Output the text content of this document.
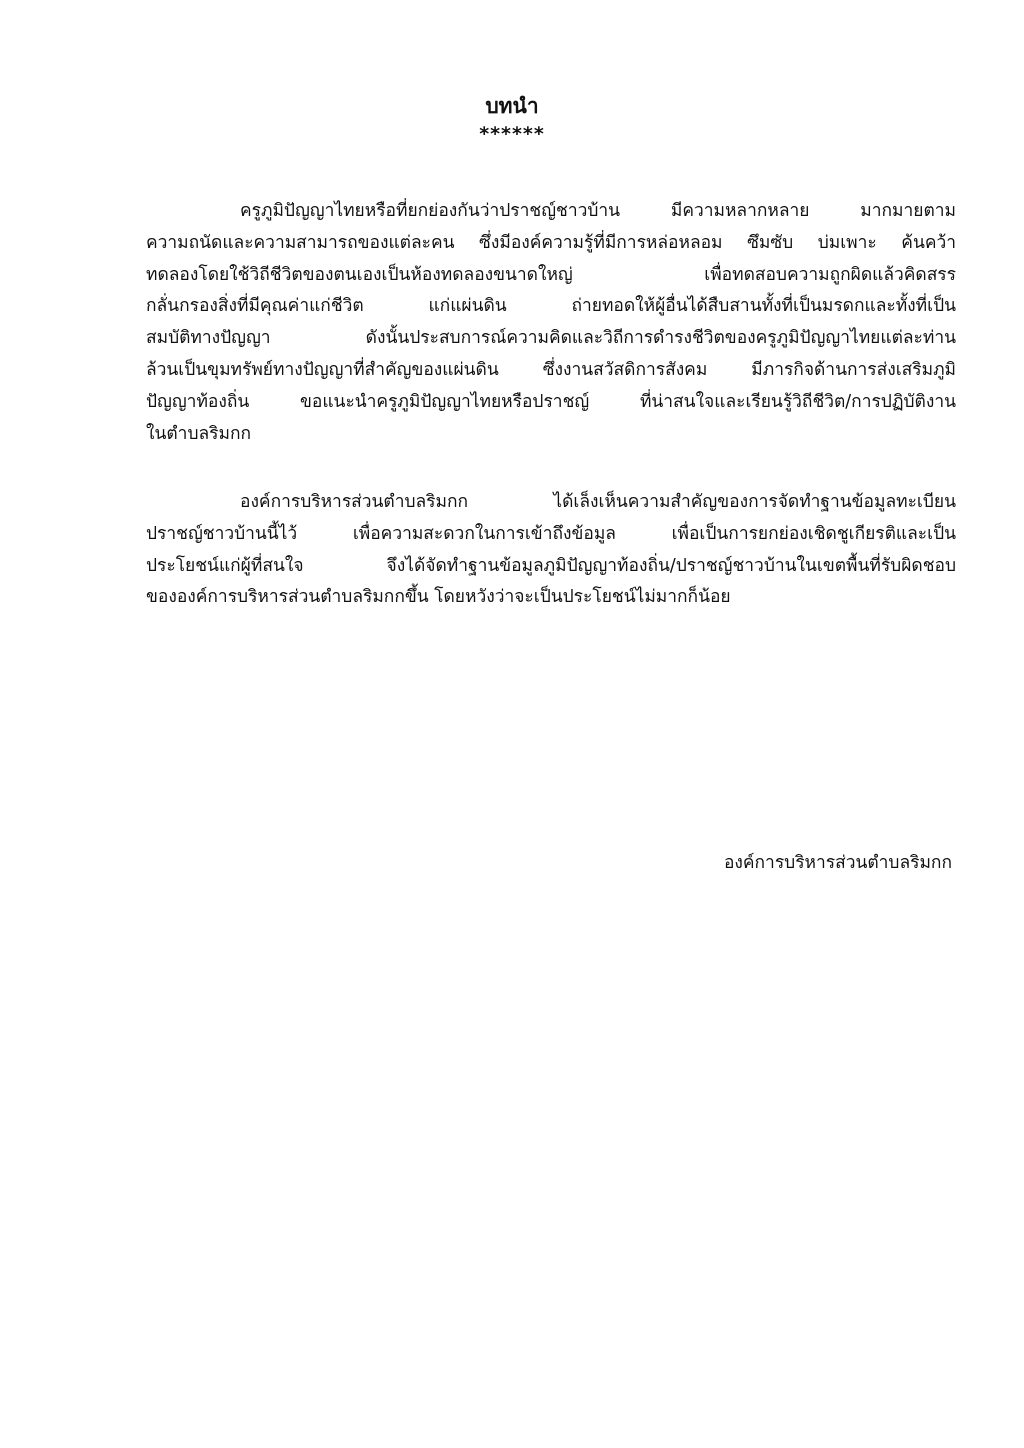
บทนำ
******
ครูภูมิปัญญาไทยหรือที่ยกย่องกันว่าปราชญ์ชาวบ้าน มีความหลากหลาย มากมายตาม
ความถนัดและความสามารถของแต่ละคน ซึ่งมีองค์ความรู้ที่มีการหล่อหลอม ซึมซับ บ่มเพาะ ค้นคว้า
ทดลองโดยใช้วิถีชีวิตของตนเองเป็นห้องทดลองขนาดใหญ่ เพื่อทดสอบความถูกผิดแล้วคิดสรร
กลั่นกรองสิ่งที่มีคุณค่าแก่ชีวิต แก่แผ่นดิน ถ่ายทอดให้ผู้อื่นได้สืบสานทั้งที่เป็นมรดกและทั้งที่เป็น
สมบัติทางปัญญา ดังนั้นประสบการณ์ความคิดและวิถีการดำรงชีวิตของครูภูมิปัญญาไทยแต่ละท่าน
ล้วนเป็นขุมทรัพย์ทางปัญญาที่สำคัญของแผ่นดิน ซึ่งงานสวัสดิการสังคม มีภารกิจด้านการส่งเสริมภูมิ
ปัญญาท้องถิ่น ขอแนะนำครูภูมิปัญญาไทยหรือปราชญ์ ที่น่าสนใจและเรียนรู้วิถีชีวิต/การปฏิบัติงาน
ในตำบลริมกก
องค์การบริหารส่วนตำบลริมกก ได้เล็งเห็นความสำคัญของการจัดทำฐานข้อมูลทะเบียน
ปราชญ์ชาวบ้านนี้ไว้ เพื่อความสะดวกในการเข้าถึงข้อมูล เพื่อเป็นการยกย่องเชิดชูเกียรติและเป็น
ประโยชน์แก่ผู้ที่สนใจ จึงได้จัดทำฐานข้อมูลภูมิปัญญาท้องถิ่น/ปราชญ์ชาวบ้านในเขตพื้นที่รับผิดชอบ
ขององค์การบริหารส่วนตำบลริมกกขึ้น โดยหวังว่าจะเป็นประโยชน์ไม่มากก็น้อย
องค์การบริหารส่วนตำบลริมกก
